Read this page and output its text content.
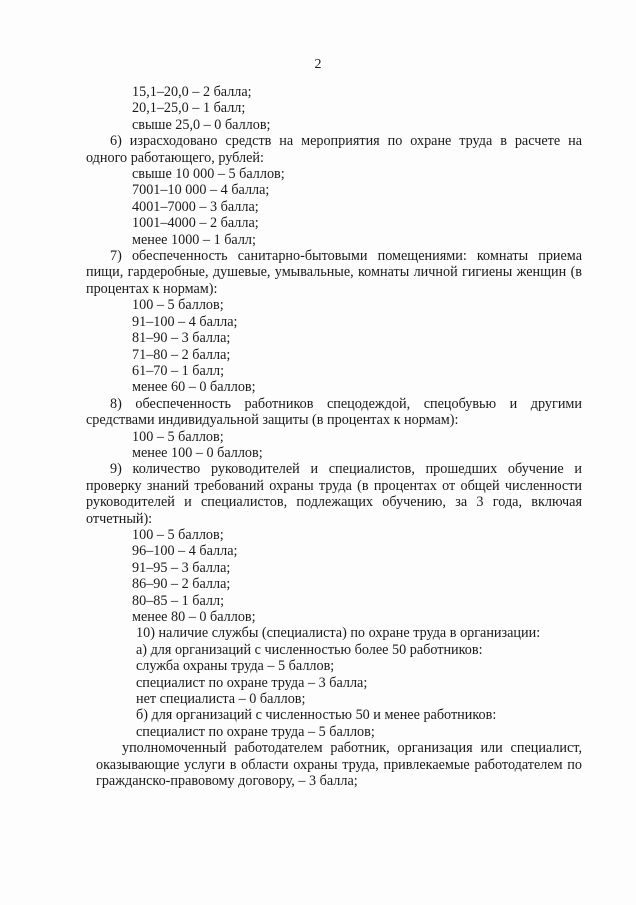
2

15,1–20,0 – 2 балла;

20,1–25,0 – 1 балл;

свыше 25,0 – 0 баллов;

6) израсходовано средств на мероприятия по охране труда в расчете на одного работающего, рублей:

свыше 10 000 – 5 баллов;

7001–10 000 – 4 балла;

4001–7000 – 3 балла;

1001–4000 – 2 балла;

менее 1000 – 1 балл;

7) обеспеченность санитарно-бытовыми помещениями: комнаты приема пищи, гардеробные, душевые, умывальные, комнаты личной гигиены женщин (в процентах к нормам):

100 – 5 баллов;

91–100 – 4 балла;

81–90 – 3 балла;

71–80 – 2 балла;

61–70 – 1 балл;

менее 60 – 0 баллов;

8) обеспеченность работников спецодеждой, спецобувью и другими средствами индивидуальной защиты (в процентах к нормам):

100 – 5 баллов;

менее 100 – 0 баллов;

9) количество руководителей и специалистов, прошедших обучение и проверку знаний требований охраны труда (в процентах от общей численности руководителей и специалистов, подлежащих обучению, за 3 года, включая отчетный):

100 – 5 баллов;

96–100 – 4 балла;

91–95 – 3 балла;

86–90 – 2 балла;

80–85 – 1 балл;

менее 80 – 0 баллов;

10) наличие службы (специалиста) по охране труда в организации:

а) для организаций с численностью более 50 работников:

служба охраны труда – 5 баллов;

специалист по охране труда – 3 балла;

нет специалиста – 0 баллов;

б) для организаций с численностью 50 и менее работников:

специалист по охране труда – 5 баллов;

уполномоченный работодателем работник, организация или специалист, оказывающие услуги в области охраны труда, привлекаемые работодателем по гражданско-правовому договору, – 3 балла;
